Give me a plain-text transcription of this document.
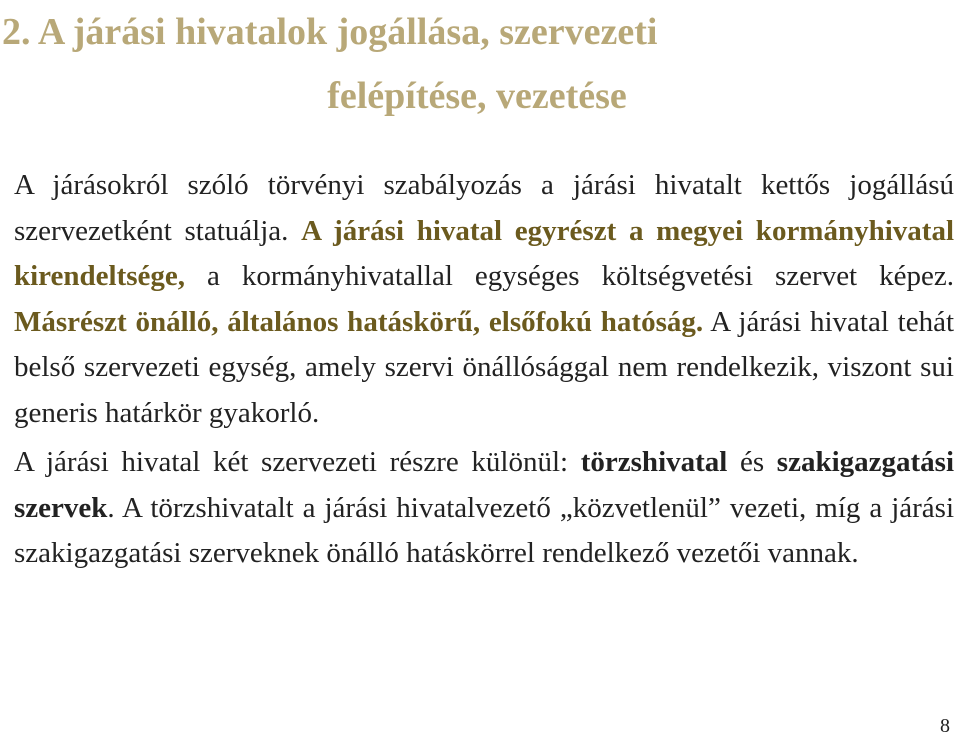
2. A járási hivatalok jogállása, szervezeti
felépítése, vezetése

A járásokról szóló törvényi szabályozás a járási hivatalt kettős jogállású szervezetként statuálja. A járási hivatal egyrészt a megyei kormányhivatal kirendeltsége, a kormányhivatallal egységes költségvetési szervet képez. Másrészt önálló, általános hatáskörű, elsőfokú hatóság. A járási hivatal tehát belső szervezeti egység, amely szervi önállósággal nem rendelkezik, viszont sui generis határkör gyakorló.

A járási hivatal két szervezeti részre különül: törzshivatal és szakigazgatási szervek. A törzshivatalt a járási hivatalvezető „közvetlenül” vezeti, míg a járási szakigazgatási szerveknek önálló hatáskörrel rendelkező vezetői vannak.

8
